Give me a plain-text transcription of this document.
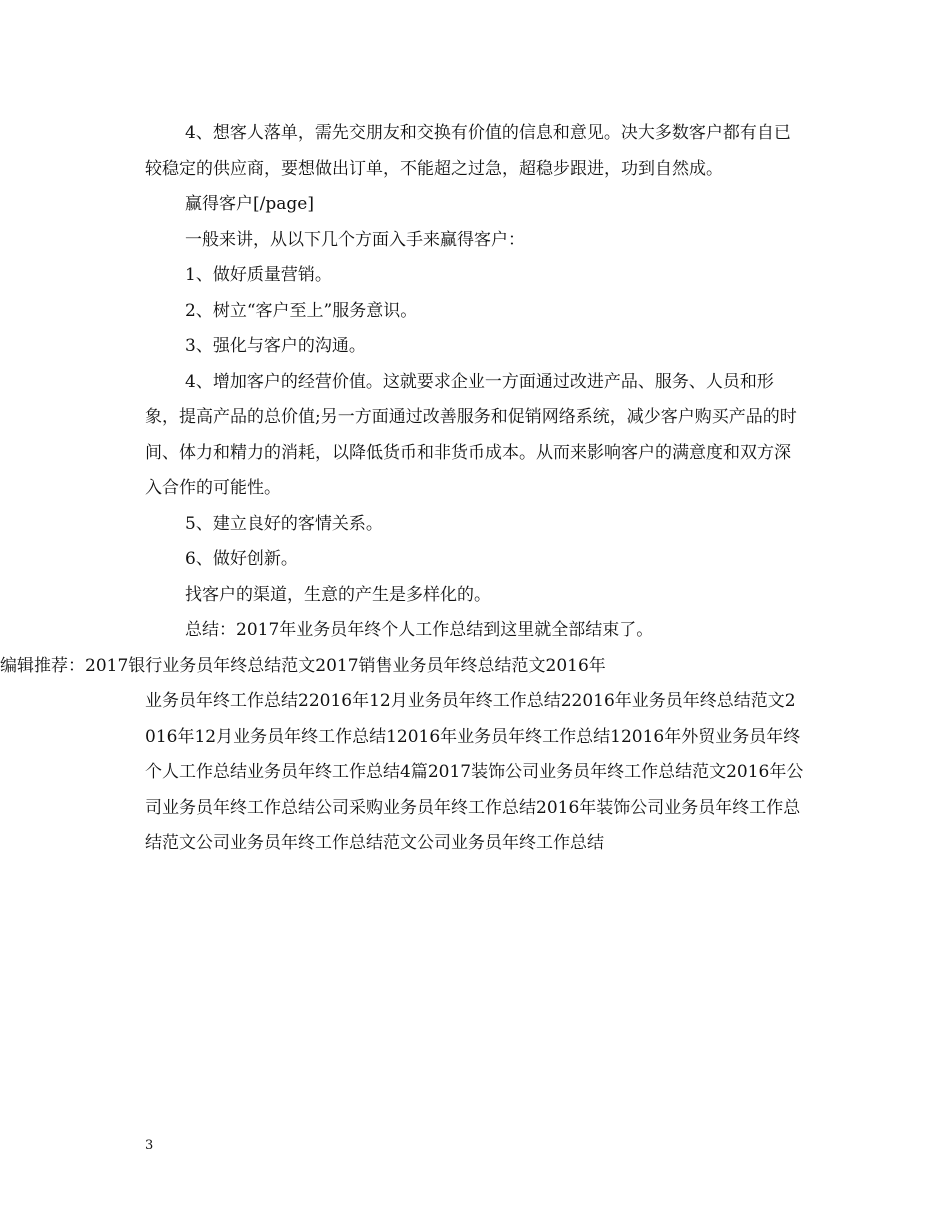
4、想客人落单，需先交朋友和交换有价值的信息和意见。决大多数客户都有自已较稳定的供应商，要想做出订单，不能超之过急，超稳步跟进，功到自然成。

赢得客户[/page]

一般来讲，从以下几个方面入手来赢得客户：

1、做好质量营销。

2、树立“客户至上”服务意识。

3、强化与客户的沟通。

4、增加客户的经营价值。这就要求企业一方面通过改进产品、服务、人员和形象，提高产品的总价值;另一方面通过改善服务和促销网络系统，减少客户购买产品的时间、体力和精力的消耗，以降低货币和非货币成本。从而来影响客户的满意度和双方深入合作的可能性。

5、建立良好的客情关系。

6、做好创新。

找客户的渠道，生意的产生是多样化的。

总结：2017年业务员年终个人工作总结到这里就全部结束了。

编辑推荐：2017银行业务员年终总结范文2017销售业务员年终总结范文2016年
业务员年终工作总结22016年12月业务员年终工作总结22016年业务员年终总结范文2016年12月业务员年终工作总结12016年业务员年终工作总结12016年外贸业务员年终个人工作总结业务员年终工作总结4篇2017装饰公司业务员年终工作总结范文2016年公司业务员年终工作总结公司采购业务员年终工作总结2016年装饰公司业务员年终工作总结范文公司业务员年终工作总结范文公司业务员年终工作总结

3
